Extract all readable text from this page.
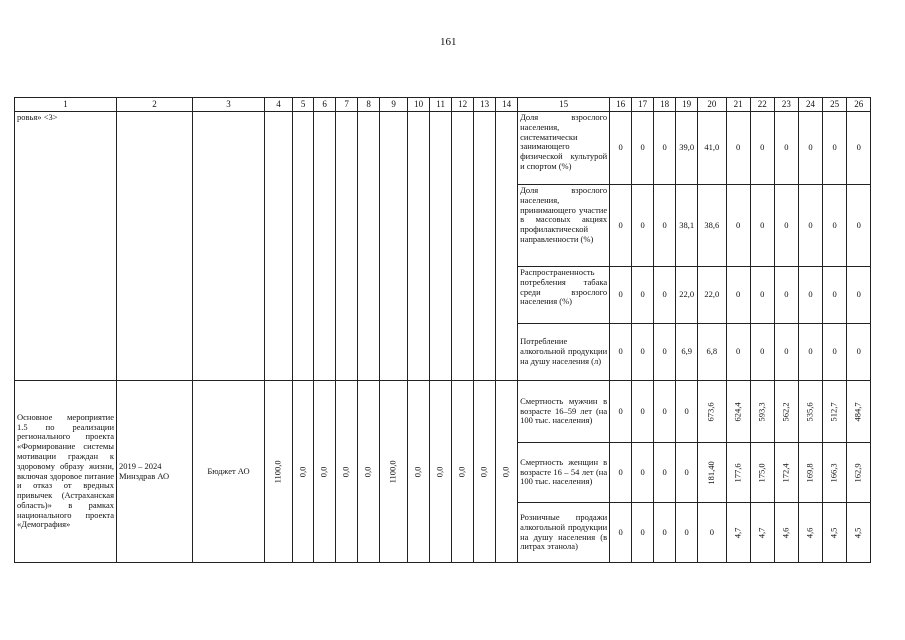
161
1	2	3	4	5	6	7	8	9	10	11	12	13	14	15	16	17	18	19	20	21	22	23	24	25	26
ровья» <3>														Доля взрослого населения, систематически занимающего физической культурой и спортом (%)	0	0	0	39,0	41,0	0	0	0	0	0	0
														Доля взрослого населения, принимающего участие в массовых акциях профилактической направленности (%)	0	0	0	38,1	38,6	0	0	0	0	0	0
														Распространенность потребления табака среди взрослого населения (%)	0	0	0	22,0	22,0	0	0	0	0	0	0
														Потребление алкогольной продукции на душу населения (л)	0	0	0	6,9	6,8	0	0	0	0	0	0
Основное мероприятие 1.5 по реализации регионального проекта «Формирование системы мотивации граждан к здоровому образу жизни, включая здоровое питание и отказ от вредных привычек (Астраханская область)» в рамках национального проекта «Демография»	2019 – 2024 Минздрав АО	Бюджет АО	1100,0	0,0	0,0	0,0	0,0	1100,0	0,0	0,0	0,0	0,0	0,0	Смертность мужчин в возрасте 16–59 лет (на 100 тыс. населения)	0	0	0	0	673,6	624,4	593,3	562,2	535,6	512,7	484,7
														Смертность женщин в возрасте 16 – 54 лет (на 100 тыс. населения)	0	0	0	0	181,40	177,6	175,0	172,4	169,8	166,3	162,9
														Розничные продажи алкогольной продукции на душу населения (в литрах этанола)	0	0	0	0	0	4,7	4,7	4,6	4,6	4,5	4,5
